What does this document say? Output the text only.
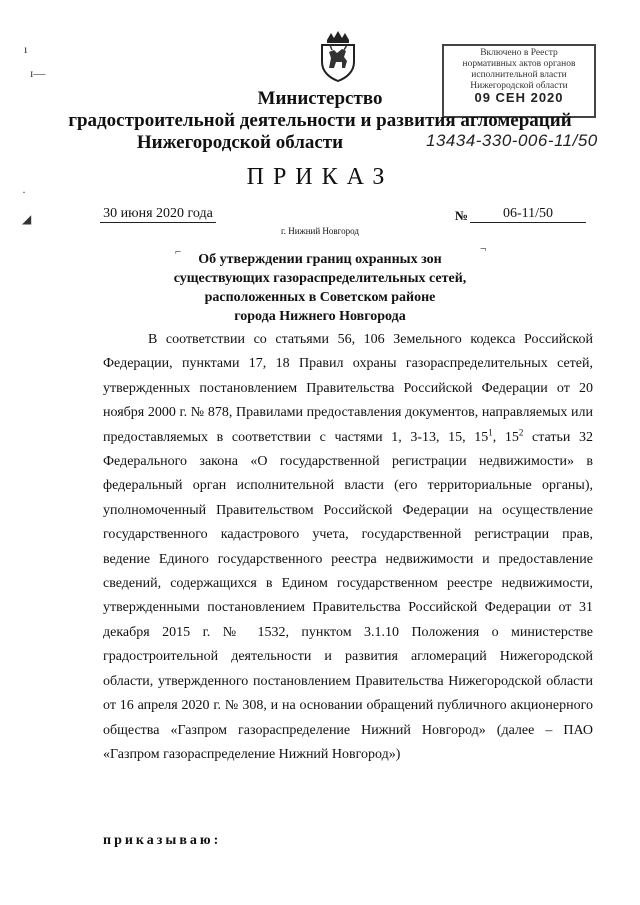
ı
ɪ—
·
◢
Включено в Реестр
нормативных актов органов
исполнительной власти
Нижегородской области
09 СЕН 2020
Министерство
градостроительной деятельности и развития агломераций
Нижегородской области	13434-330-006-11/50
ПРИКАЗ
30 июня 2020 года	№	06-11/50
г. Нижний Новгород
⌐	¬
Об утверждении границ охранных зон
существующих газораспределительных сетей,
расположенных в Советском районе
города Нижнего Новгорода
В соответствии со статьями 56, 106 Земельного кодекса Российской Федерации, пунктами 17, 18 Правил охраны газораспределительных сетей, утвержденных постановлением Правительства Российской Федерации от 20 ноября 2000 г. № 878, Правилами предоставления документов, направляемых или предоставляемых в соответствии с частями 1, 3-13, 15, $15^1$, $15^2$ статьи 32 Федерального закона «О государственной регистрации недвижимости» в федеральный орган исполнительной власти (его территориальные органы), уполномоченный Правительством Российской Федерации на осуществление государственного кадастрового учета, государственной регистрации прав, ведение Единого государственного реестра недвижимости и предоставление сведений, содержащихся в Едином государственном реестре недвижимости, утвержденными постановлением Правительства Российской Федерации от 31 декабря 2015 г. № 1532, пунктом 3.1.10 Положения о министерстве градостроительной деятельности и развития агломераций Нижегородской области, утвержденного постановлением Правительства Нижегородской области от 16 апреля 2020 г. № 308, и на основании обращений публичного акционерного общества «Газпром газораспределение Нижний Новгород» (далее – ПАО «Газпром газораспределение Нижний Новгород»)
приказываю:
